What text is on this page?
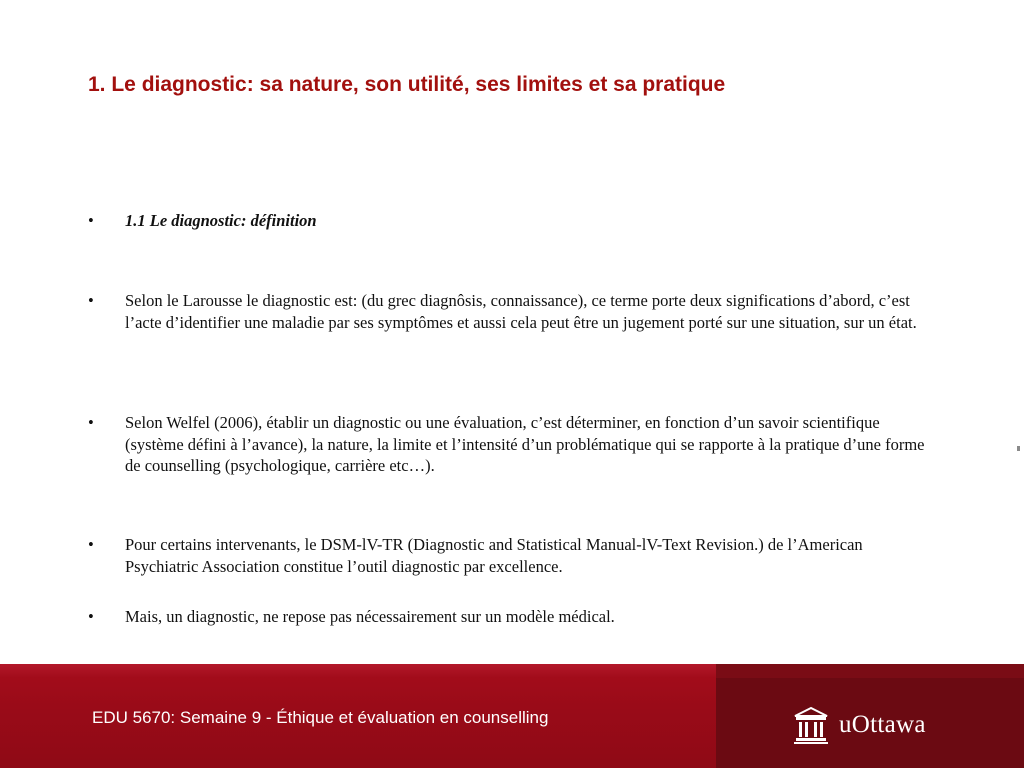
1. Le diagnostic: sa nature, son utilité, ses limites et sa pratique
•	1.1 Le diagnostic: définition
•	Selon le Larousse le diagnostic est: (du grec diagnôsis, connaissance), ce terme porte deux significations d’abord, c’est l’acte d’identifier une maladie par ses symptômes et aussi cela peut être un jugement porté sur une situation, sur un état.
•	Selon Welfel (2006), établir un diagnostic ou une évaluation, c’est déterminer, en fonction d’un savoir scientifique (système défini à l’avance), la nature, la limite et l’intensité d’un problématique qui se rapporte à la pratique d’une forme de counselling (psychologique, carrière etc…).
•	Pour certains intervenants, le DSM-lV-TR (Diagnostic and Statistical Manual-lV-Text Revision.) de l’American Psychiatric Association constitue l’outil diagnostic par excellence.
•	Mais, un diagnostic, ne repose pas nécessairement sur un modèle médical.
EDU 5670: Semaine 9 - Éthique et évaluation en counselling	uOttawa
